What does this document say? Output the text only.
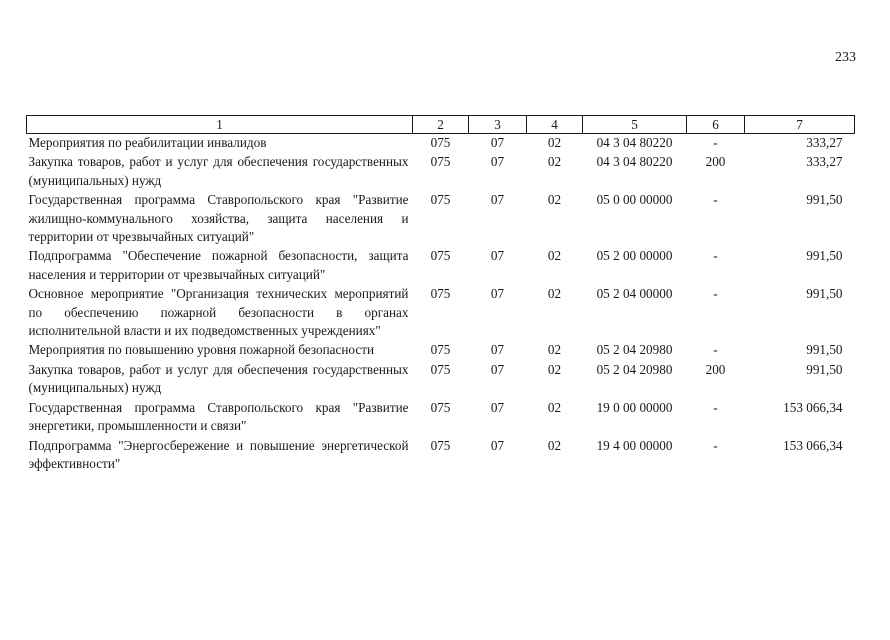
233
1	2	3	4	5	6	7
Мероприятия по реабилитации инвалидов	075	07	02	04 3 04 80220	-	333,27
Закупка товаров, работ и услуг для обеспечения государственных (муниципальных) нужд	075	07	02	04 3 04 80220	200	333,27
Государственная программа Ставропольского края "Развитие жилищно-коммунального хозяйства, защита населения и территории от чрезвычайных ситуаций"	075	07	02	05 0 00 00000	-	991,50
Подпрограмма "Обеспечение пожарной безопасности, защита населения и территории от чрезвычайных ситуаций"	075	07	02	05 2 00 00000	-	991,50
Основное мероприятие "Организация технических мероприятий по обеспечению пожарной безопасности в органах исполнительной власти и их подведомственных учреждениях"	075	07	02	05 2 04 00000	-	991,50
Мероприятия по повышению уровня пожарной безопасности	075	07	02	05 2 04 20980	-	991,50
Закупка товаров, работ и услуг для обеспечения государственных (муниципальных) нужд	075	07	02	05 2 04 20980	200	991,50
Государственная программа Ставропольского края "Развитие энергетики, промышленности и связи"	075	07	02	19 0 00 00000	-	153 066,34
Подпрограмма "Энергосбережение и повышение энергетической эффективности"	075	07	02	19 4 00 00000	-	153 066,34
